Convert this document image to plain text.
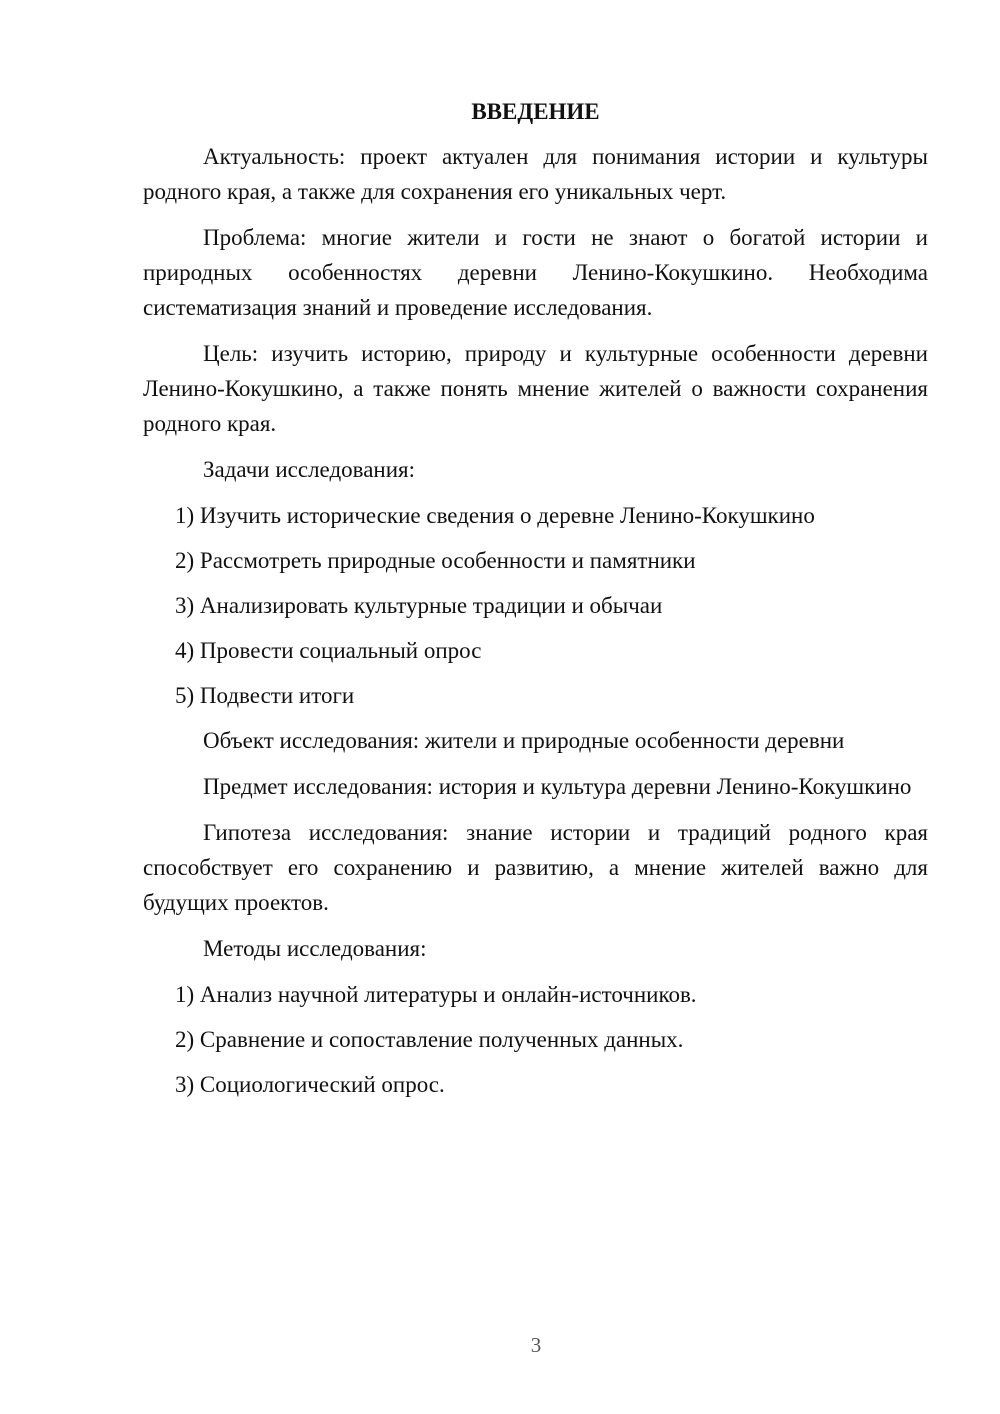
ВВЕДЕНИЕ
Актуальность: проект актуален для понимания истории и культуры родного края, а также для сохранения его уникальных черт.
Проблема: многие жители и гости не знают о богатой истории и природных особенностях деревни Ленино-Кокушкино. Необходима систематизация знаний и проведение исследования.
Цель: изучить историю, природу и культурные особенности деревни Ленино-Кокушкино, а также понять мнение жителей о важности сохранения родного края.
Задачи исследования:
1) Изучить исторические сведения о деревне Ленино-Кокушкино
2) Рассмотреть природные особенности и памятники
3) Анализировать культурные традиции и обычаи
4) Провести социальный опрос
5) Подвести итоги
Объект исследования: жители и природные особенности деревни
Предмет исследования: история и культура деревни Ленино-Кокушкино
Гипотеза исследования: знание истории и традиций родного края способствует его сохранению и развитию, а мнение жителей важно для будущих проектов.
Методы исследования:
1) Анализ научной литературы и онлайн-источников.
2) Сравнение и сопоставление полученных данных.
3) Социологический опрос.
3
